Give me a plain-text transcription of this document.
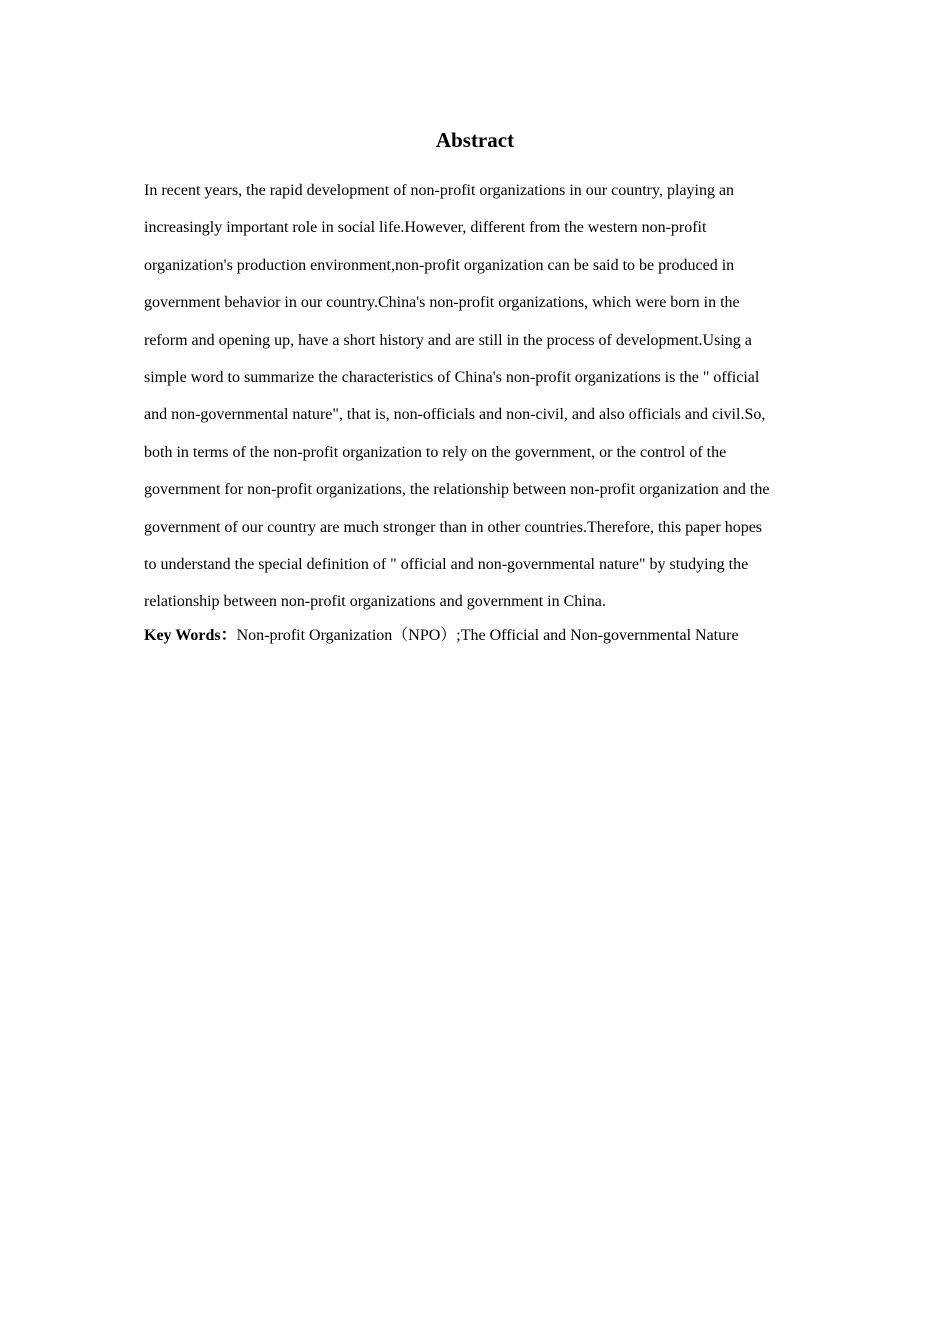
Abstract
In recent years, the rapid development of non-profit organizations in our country, playing an
increasingly important role in social life.However, different from the western non-profit
organization's production environment,non-profit organization can be said to be produced in
government behavior in our country.China's non-profit organizations, which were born in the
reform and opening up, have a short history and are still in the process of development.Using a
simple word to summarize the characteristics of China's non-profit organizations is the " official
and non-governmental nature", that is, non-officials and non-civil, and also officials and civil.So,
both in terms of the non-profit organization to rely on the government, or the control of the
government for non-profit organizations, the relationship between non-profit organization and the
government of our country are much stronger than in other countries.Therefore, this paper hopes
to understand the special definition of " official and non-governmental nature" by studying the
relationship between non-profit organizations and government in China.

Key Words：Non-profit Organization（NPO）;The Official and Non-governmental Nature
